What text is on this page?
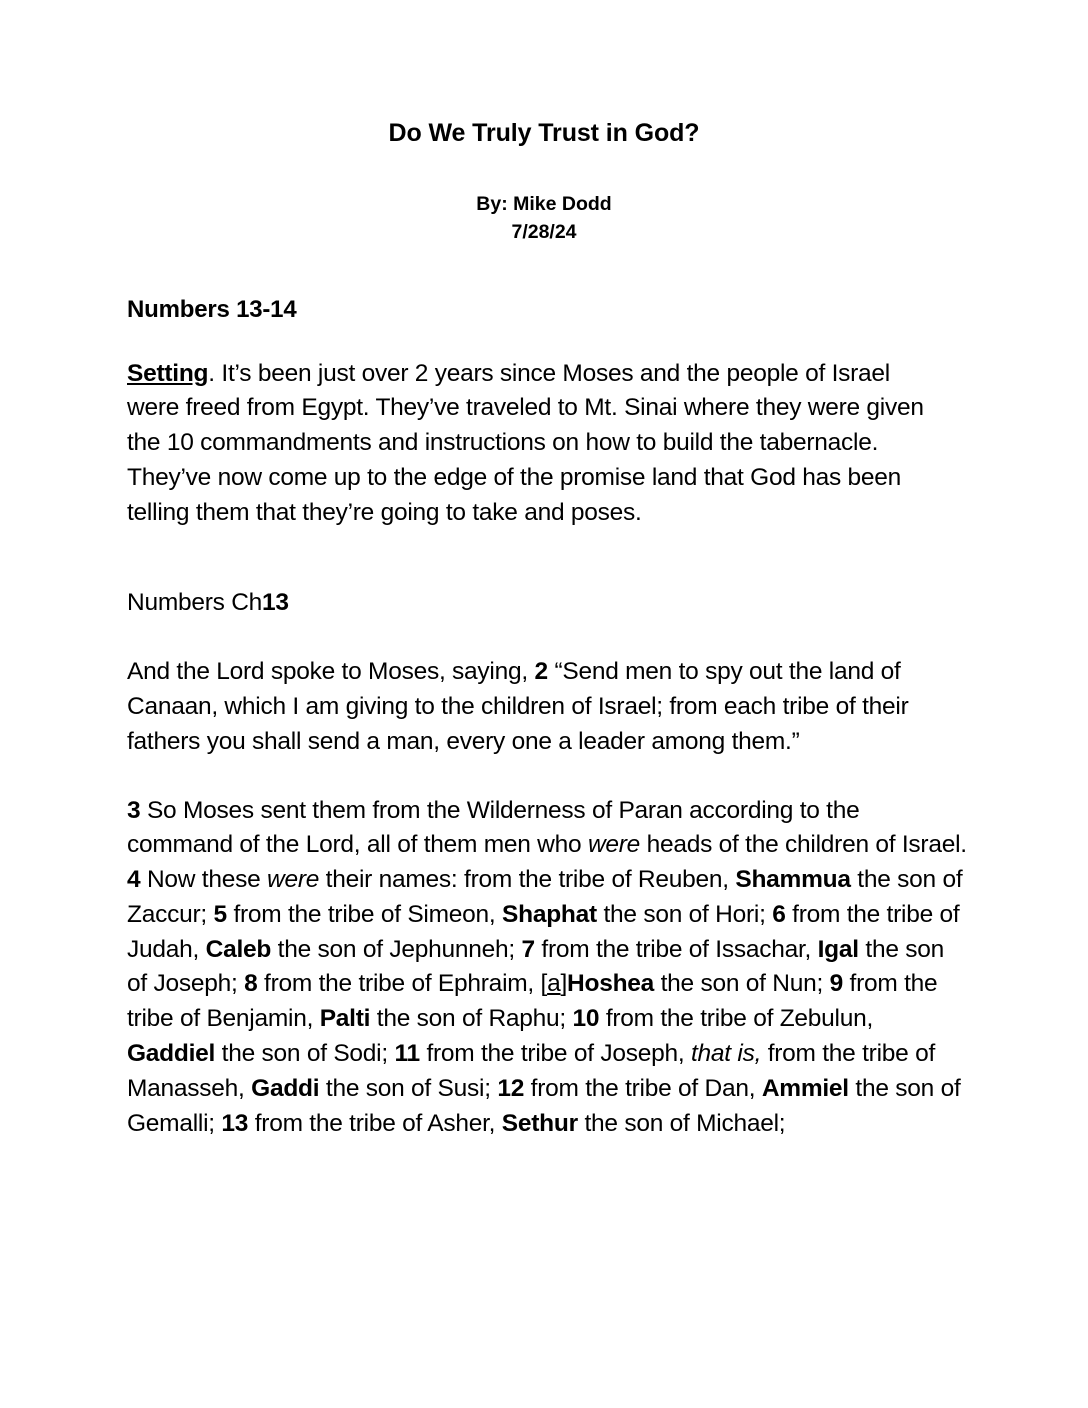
Do We Truly Trust in God?
By: Mike Dodd
7/28/24
Numbers 13-14

Setting. It’s been just over 2 years since Moses and the people of Israel were freed from Egypt. They’ve traveled to Mt. Sinai where they were given the 10 commandments and instructions on how to build the tabernacle. They’ve now come up to the edge of the promise land that God has been telling them that they’re going to take and poses.

Numbers Ch13

And the Lord spoke to Moses, saying, 2 “Send men to spy out the land of Canaan, which I am giving to the children of Israel; from each tribe of their fathers you shall send a man, every one a leader among them.”

3 So Moses sent them from the Wilderness of Paran according to the command of the Lord, all of them men who were heads of the children of Israel. 4 Now these were their names: from the tribe of Reuben, Shammua the son of Zaccur; 5 from the tribe of Simeon, Shaphat the son of Hori; 6 from the tribe of Judah, Caleb the son of Jephunneh; 7 from the tribe of Issachar, Igal the son of Joseph; 8 from the tribe of Ephraim, [a]Hoshea the son of Nun; 9 from the tribe of Benjamin, Palti the son of Raphu; 10 from the tribe of Zebulun, Gaddiel the son of Sodi; 11 from the tribe of Joseph, that is, from the tribe of Manasseh, Gaddi the son of Susi; 12 from the tribe of Dan, Ammiel the son of Gemalli; 13 from the tribe of Asher, Sethur the son of Michael;
